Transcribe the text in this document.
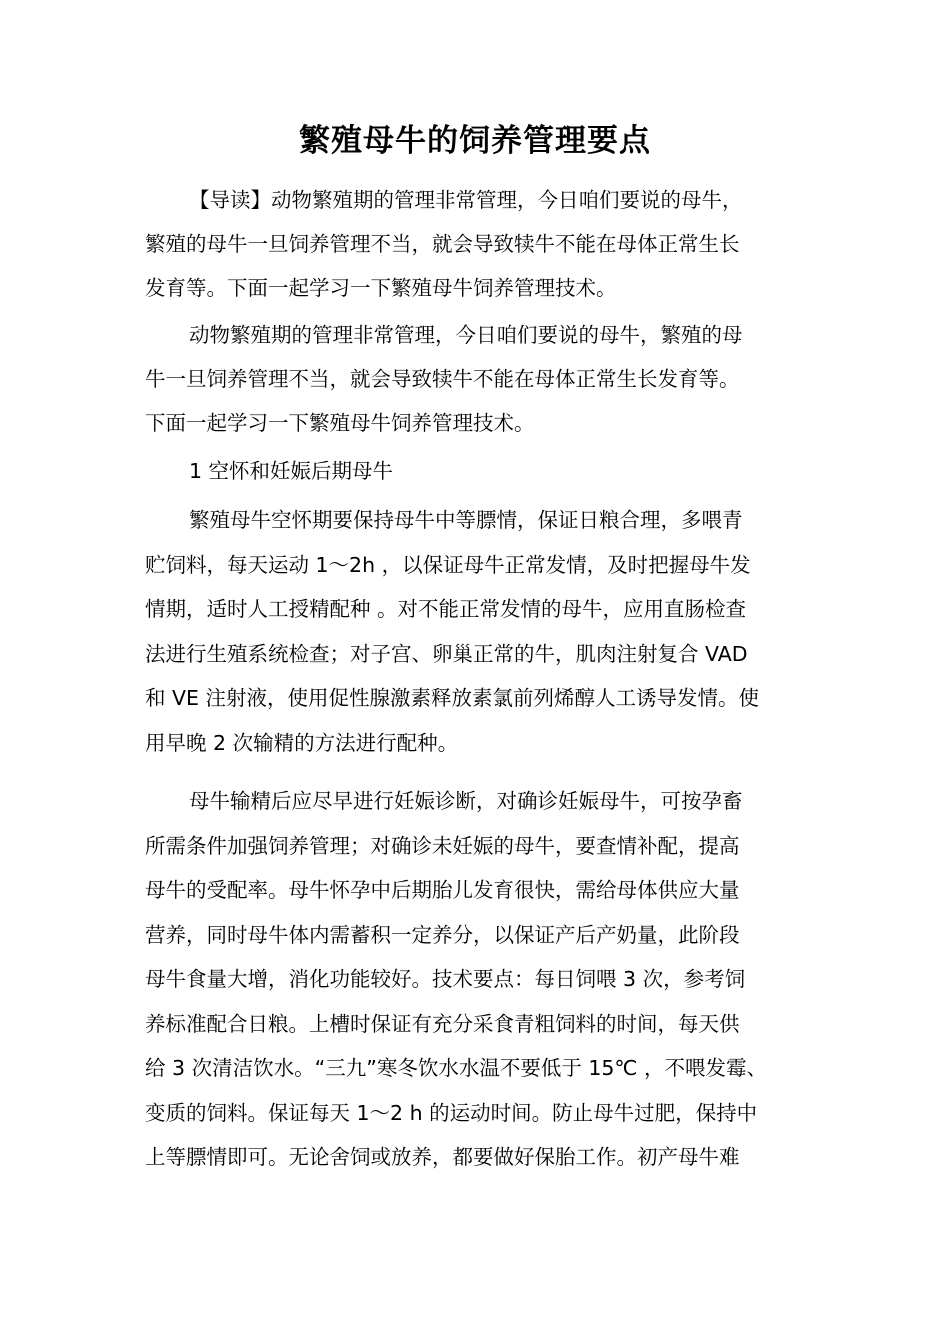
繁殖母牛的饲养管理要点
【导读】动物繁殖期的管理非常管理，今日咱们要说的母牛，
繁殖的母牛一旦饲养管理不当，就会导致犊牛不能在母体正常生长
发育等。下面一起学习一下繁殖母牛饲养管理技术。
动物繁殖期的管理非常管理，今日咱们要说的母牛，繁殖的母
牛一旦饲养管理不当，就会导致犊牛不能在母体正常生长发育等。
下面一起学习一下繁殖母牛饲养管理技术。
1 空怀和妊娠后期母牛
繁殖母牛空怀期要保持母牛中等膘情，保证日粮合理，多喂青
贮饲料，每天运动 1～2h ，以保证母牛正常发情，及时把握母牛发
情期，适时人工授精配种 。对不能正常发情的母牛，应用直肠检查
法进行生殖系统检查；对子宫、卵巢正常的牛，肌肉注射复合 VAD
和 VE 注射液，使用促性腺激素释放素氯前列烯醇人工诱导发情。使
用早晚 2 次输精的方法进行配种。
母牛输精后应尽早进行妊娠诊断，对确诊妊娠母牛，可按孕畜
所需条件加强饲养管理；对确诊未妊娠的母牛，要查情补配，提高
母牛的受配率。母牛怀孕中后期胎儿发育很快，需给母体供应大量
营养，同时母牛体内需蓄积一定养分，以保证产后产奶量，此阶段
母牛食量大增，消化功能较好。技术要点：每日饲喂 3 次，参考饲
养标准配合日粮。上槽时保证有充分采食青粗饲料的时间，每天供
给 3 次清洁饮水。“三九”寒冬饮水水温不要低于 15℃ ，不喂发霉、
变质的饲料。保证每天 1～2 h 的运动时间。防止母牛过肥，保持中
上等膘情即可。无论舍饲或放养，都要做好保胎工作。初产母牛难
